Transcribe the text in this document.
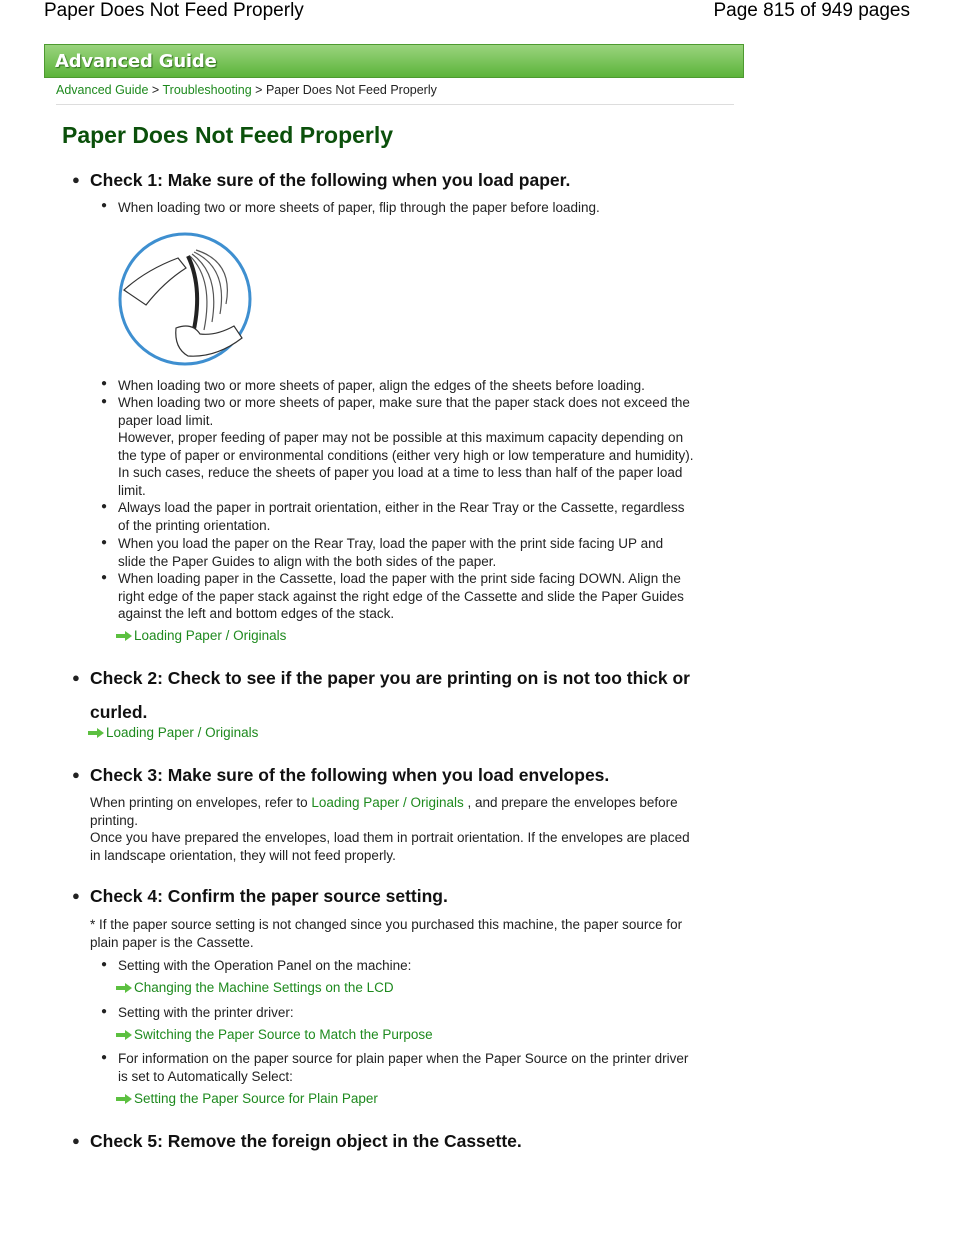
Paper Does Not Feed Properly	Page 815 of 949 pages
Advanced Guide
Advanced Guide > Troubleshooting > Paper Does Not Feed Properly
Paper Does Not Feed Properly
● Check 1: Make sure of the following when you load paper.
● When loading two or more sheets of paper, flip through the paper before loading.
● When loading two or more sheets of paper, align the edges of the sheets before loading.
● When loading two or more sheets of paper, make sure that the paper stack does not exceed the
paper load limit.
However, proper feeding of paper may not be possible at this maximum capacity depending on
the type of paper or environmental conditions (either very high or low temperature and humidity).
In such cases, reduce the sheets of paper you load at a time to less than half of the paper load
limit.
● Always load the paper in portrait orientation, either in the Rear Tray or the Cassette, regardless
of the printing orientation.
● When you load the paper on the Rear Tray, load the paper with the print side facing UP and
slide the Paper Guides to align with the both sides of the paper.
● When loading paper in the Cassette, load the paper with the print side facing DOWN. Align the
right edge of the paper stack against the right edge of the Cassette and slide the Paper Guides
against the left and bottom edges of the stack.
Loading Paper / Originals
● Check 2: Check to see if the paper you are printing on is not too thick or
curled.
Loading Paper / Originals
● Check 3: Make sure of the following when you load envelopes.
When printing on envelopes, refer to Loading Paper / Originals , and prepare the envelopes before
printing.
Once you have prepared the envelopes, load them in portrait orientation. If the envelopes are placed
in landscape orientation, they will not feed properly.
● Check 4: Confirm the paper source setting.
* If the paper source setting is not changed since you purchased this machine, the paper source for
plain paper is the Cassette.
● Setting with the Operation Panel on the machine:
Changing the Machine Settings on the LCD
● Setting with the printer driver:
Switching the Paper Source to Match the Purpose
● For information on the paper source for plain paper when the Paper Source on the printer driver
is set to Automatically Select:
Setting the Paper Source for Plain Paper
● Check 5: Remove the foreign object in the Cassette.
